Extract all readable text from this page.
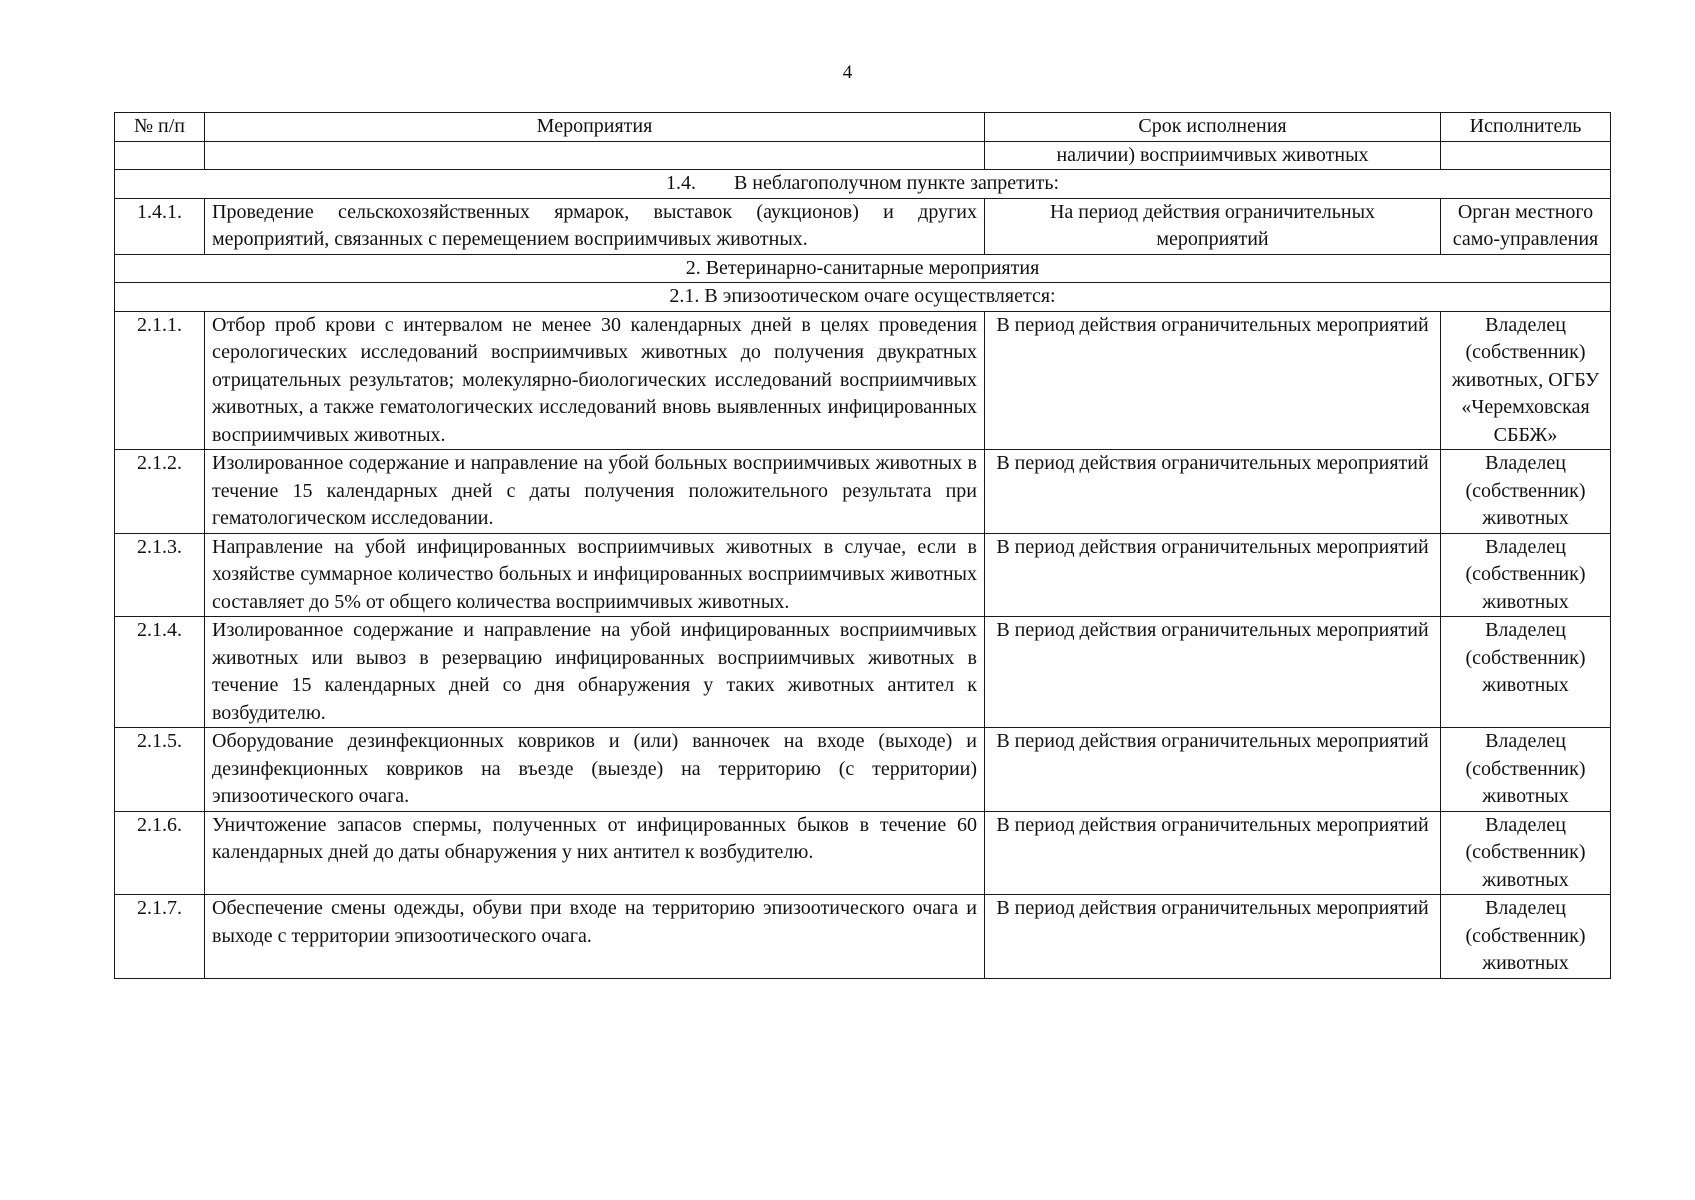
4
№ п/п	Мероприятия	Срок исполнения	Исполнитель
		наличии) восприимчивых животных	
1.4. В неблагополучном пункте запретить:			
1.4.1.	Проведение сельскохозяйственных ярмарок, выставок (аукционов) и других мероприятий, связанных с перемещением восприимчивых животных.	На период действия ограничительных мероприятий	Орган местного само-управления
2. Ветеринарно-санитарные мероприятия			
2.1. В эпизоотическом очаге осуществляется:			
2.1.1.	Отбор проб крови с интервалом не менее 30 календарных дней в целях проведения серологических исследований восприимчивых животных до получения двукратных отрицательных результатов; молекулярно-биологических исследований восприимчивых животных, а также гематологических исследований вновь выявленных инфицированных восприимчивых животных.	В период действия ограничительных мероприятий	Владелец (собственник) животных, ОГБУ «Черемховская СББЖ»
2.1.2.	Изолированное содержание и направление на убой больных восприимчивых животных в течение 15 календарных дней с даты получения положительного результата при гематологическом исследовании.	В период действия ограничительных мероприятий	Владелец (собственник) животных
2.1.3.	Направление на убой инфицированных восприимчивых животных в случае, если в хозяйстве суммарное количество больных и инфицированных восприимчивых животных составляет до 5% от общего количества восприимчивых животных.	В период действия ограничительных мероприятий	Владелец (собственник) животных
2.1.4.	Изолированное содержание и направление на убой инфицированных восприимчивых животных или вывоз в резервацию инфицированных восприимчивых животных в течение 15 календарных дней со дня обнаружения у таких животных антител к возбудителю.	В период действия ограничительных мероприятий	Владелец (собственник) животных
2.1.5.	Оборудование дезинфекционных ковриков и (или) ванночек на входе (выходе) и дезинфекционных ковриков на въезде (выезде) на территорию (с территории) эпизоотического очага.	В период действия ограничительных мероприятий	Владелец (собственник) животных
2.1.6.	Уничтожение запасов спермы, полученных от инфицированных быков в течение 60 календарных дней до даты обнаружения у них антител к возбудителю.	В период действия ограничительных мероприятий	Владелец (собственник) животных
2.1.7.	Обеспечение смены одежды, обуви при входе на территорию эпизоотического очага и выходе с территории эпизоотического очага.	В период действия ограничительных мероприятий	Владелец (собственник) животных
